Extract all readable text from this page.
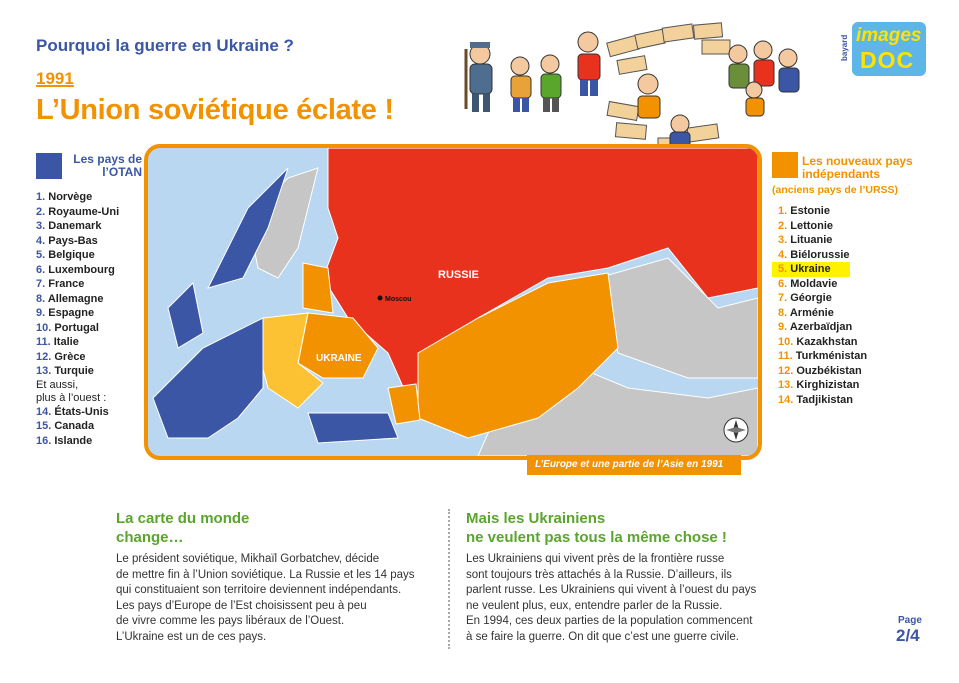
Pourquoi la guerre en Ukraine ?
1991
L’Union soviétique éclate !
bayard images
DOC
Les pays de l’OTAN
1. Norvège
2. Royaume-Uni
3. Danemark
4. Pays-Bas
5. Belgique
6. Luxembourg
7. France
8. Allemagne
9. Espagne
10. Portugal
11. Italie
12. Grèce
13. Turquie
Et aussi,
plus à l’ouest :
14. États-Unis
15. Canada
16. Islande
RUSSIE
Moscou
UKRAINE
L’Europe et une partie de l’Asie en 1991
Les nouveaux pays indépendants
(anciens pays de l’URSS)
1. Estonie
2. Lettonie
3. Lituanie
4. Biélorussie
5. Ukraine
6. Moldavie
7. Géorgie
8. Arménie
9. Azerbaïdjan
10. Kazakhstan
11. Turkménistan
12. Ouzbékistan
13. Kirghizistan
14. Tadjikistan
La carte du monde
change…
Le président soviétique, Mikhaïl Gorbatchev, décide
de mettre fin à l’Union soviétique. La Russie et les 14 pays
qui constituaient son territoire deviennent indépendants.
Les pays d’Europe de l’Est choisissent peu à peu
de vivre comme les pays libéraux de l’Ouest.
L’Ukraine est un de ces pays.
Mais les Ukrainiens
ne veulent pas tous la même chose !
Les Ukrainiens qui vivent près de la frontière russe
sont toujours très attachés à la Russie. D’ailleurs, ils
parlent russe. Les Ukrainiens qui vivent à l’ouest du pays
ne veulent plus, eux, entendre parler de la Russie.
En 1994, ces deux parties de la population commencent
à se faire la guerre. On dit que c’est une guerre civile.
Page
2/4
